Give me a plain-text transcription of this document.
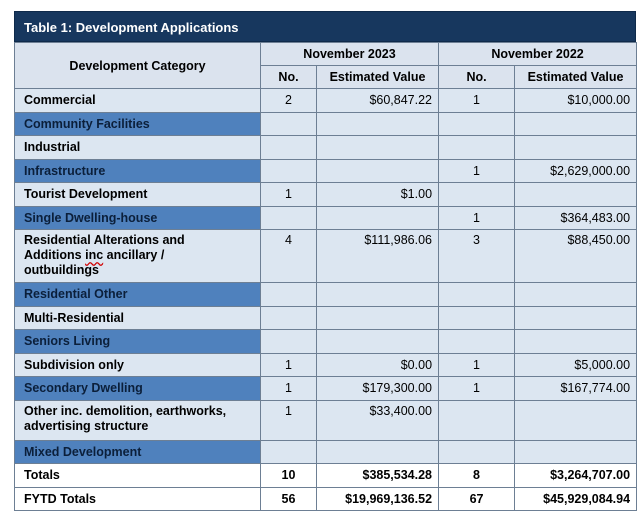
Table 1: Development Applications
Development Category	November 2023		November 2022	
	No.	Estimated Value	No.	Estimated Value
Commercial	2	$60,847.22	1	$10,000.00
Community Facilities				
Industrial				
Infrastructure			1	$2,629,000.00
Tourist Development	1	$1.00		
Single Dwelling-house			1	$364,483.00
Residential Alterations and
Additions inc ancillary /
outbuildings	4	$111,986.06	3	$88,450.00
Residential Other				
Multi-Residential				
Seniors Living				
Subdivision only	1	$0.00	1	$5,000.00
Secondary Dwelling	1	$179,300.00	1	$167,774.00
Other inc. demolition, earthworks,
advertising structure	1	$33,400.00		
Mixed Development				
Totals	10	$385,534.28	8	$3,264,707.00
FYTD Totals	56	$19,969,136.52	67	$45,929,084.94
